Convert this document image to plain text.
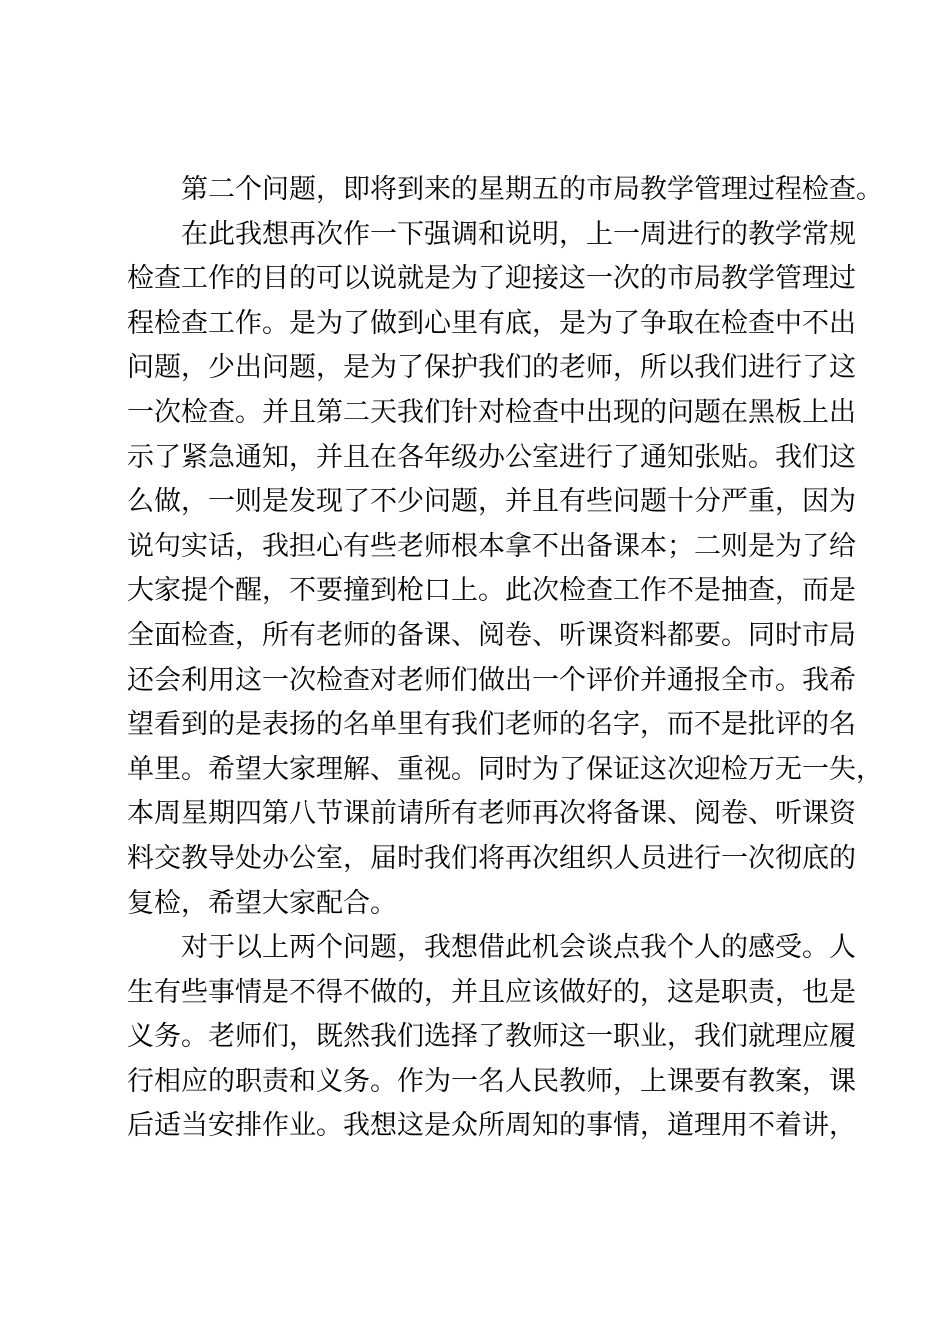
第二个问题，即将到来的星期五的市局教学管理过程检查。
在此我想再次作一下强调和说明，上一周进行的教学常规
检查工作的目的可以说就是为了迎接这一次的市局教学管理过
程检查工作。是为了做到心里有底，是为了争取在检查中不出
问题，少出问题，是为了保护我们的老师，所以我们进行了这
一次检查。并且第二天我们针对检查中出现的问题在黑板上出
示了紧急通知，并且在各年级办公室进行了通知张贴。我们这
么做，一则是发现了不少问题，并且有些问题十分严重，因为
说句实话，我担心有些老师根本拿不出备课本；二则是为了给
大家提个醒，不要撞到枪口上。此次检查工作不是抽查，而是
全面检查，所有老师的备课、阅卷、听课资料都要。同时市局
还会利用这一次检查对老师们做出一个评价并通报全市。我希
望看到的是表扬的名单里有我们老师的名字，而不是批评的名
单里。希望大家理解、重视。同时为了保证这次迎检万无一失，
本周星期四第八节课前请所有老师再次将备课、阅卷、听课资
料交教导处办公室，届时我们将再次组织人员进行一次彻底的
复检，希望大家配合。
对于以上两个问题，我想借此机会谈点我个人的感受。人
生有些事情是不得不做的，并且应该做好的，这是职责，也是
义务。老师们，既然我们选择了教师这一职业，我们就理应履
行相应的职责和义务。作为一名人民教师，上课要有教案，课
后适当安排作业。我想这是众所周知的事情，道理用不着讲，
